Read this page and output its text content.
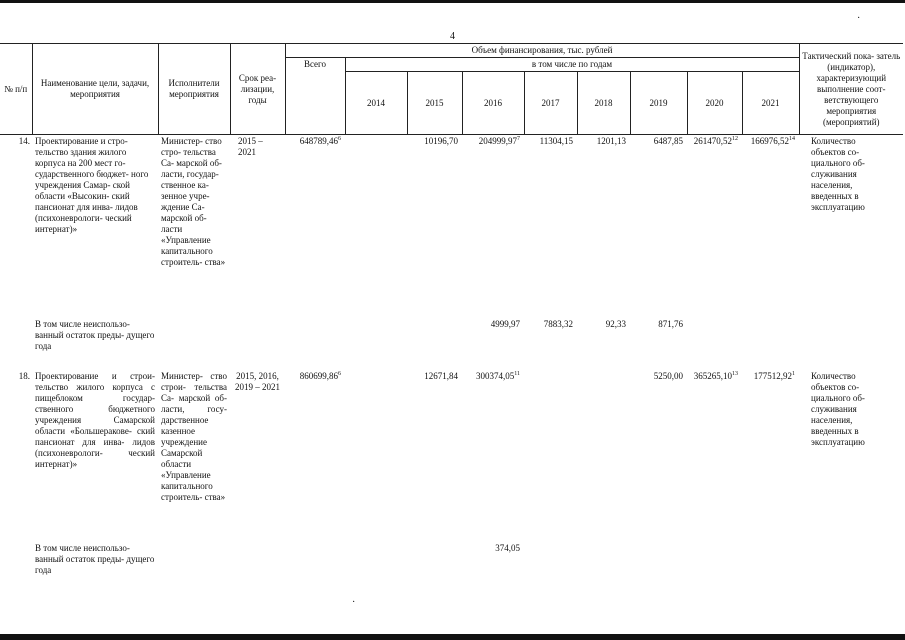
4
·
·
№ п/п	Наименование цели, задачи, мероприятия	Исполнители мероприятия	Срок реа- лизации, годы	Объем финансирования, тыс. рублей									Тактический пока- затель (индикатор), характеризующий выполнение соот- ветствующего мероприятия (мероприятий)
				Всего	в том числе по годам								
					2014	2015	2016	2017	2018	2019	2020	2021	
14.	Проектирование и стро- тельство здания жилого корпуса на 200 мест го- сударственного бюджет- ного учреждения Самар- ской области «Высокин- ский пансионат для инва- лидов (психоневрологи- ческий интернат)»	Министер- ство стро- тельства Са- марской об- ласти, государ- ственное ка- зенное учре- ждение Са- марской об- ласти «Управление капитального строитель- ства»	2015 – 2021	648789,46$^6$		10196,70	204999,97$^7$	11304,15	1201,13	6487,85	261470,52$^{12}$	166976,52$^{14}$	Количество объектов со- циального об- служивания населения, введенных в эксплуатацию
	В том числе неиспользо- ванный остаток преды- дущего года						4999,97	7883,32	92,33	871,76			

18.	Проектирование и строи- тельство жилого корпуса с пищеблоком государ- ственного бюджетного учреждения Самарской области «Большеракове- ский пансионат для инва- лидов (психоневрологи- ческий интернат)»	Министер- ство строи- тельства Са- марской об- ласти, госу- дарственное казенное учреждение Самарской области «Управление капитального строитель- ства»	2015, 2016, 2019 – 2021	860699,86$^6$		12671,84	300374,05$^{11}$			5250,00	365265,10$^{13}$	177512,92$^1$	Количество объектов со- циального об- служивания населения, введенных в эксплуатацию
	В том числе неиспользо- ванный остаток преды- дущего года						374,05						
